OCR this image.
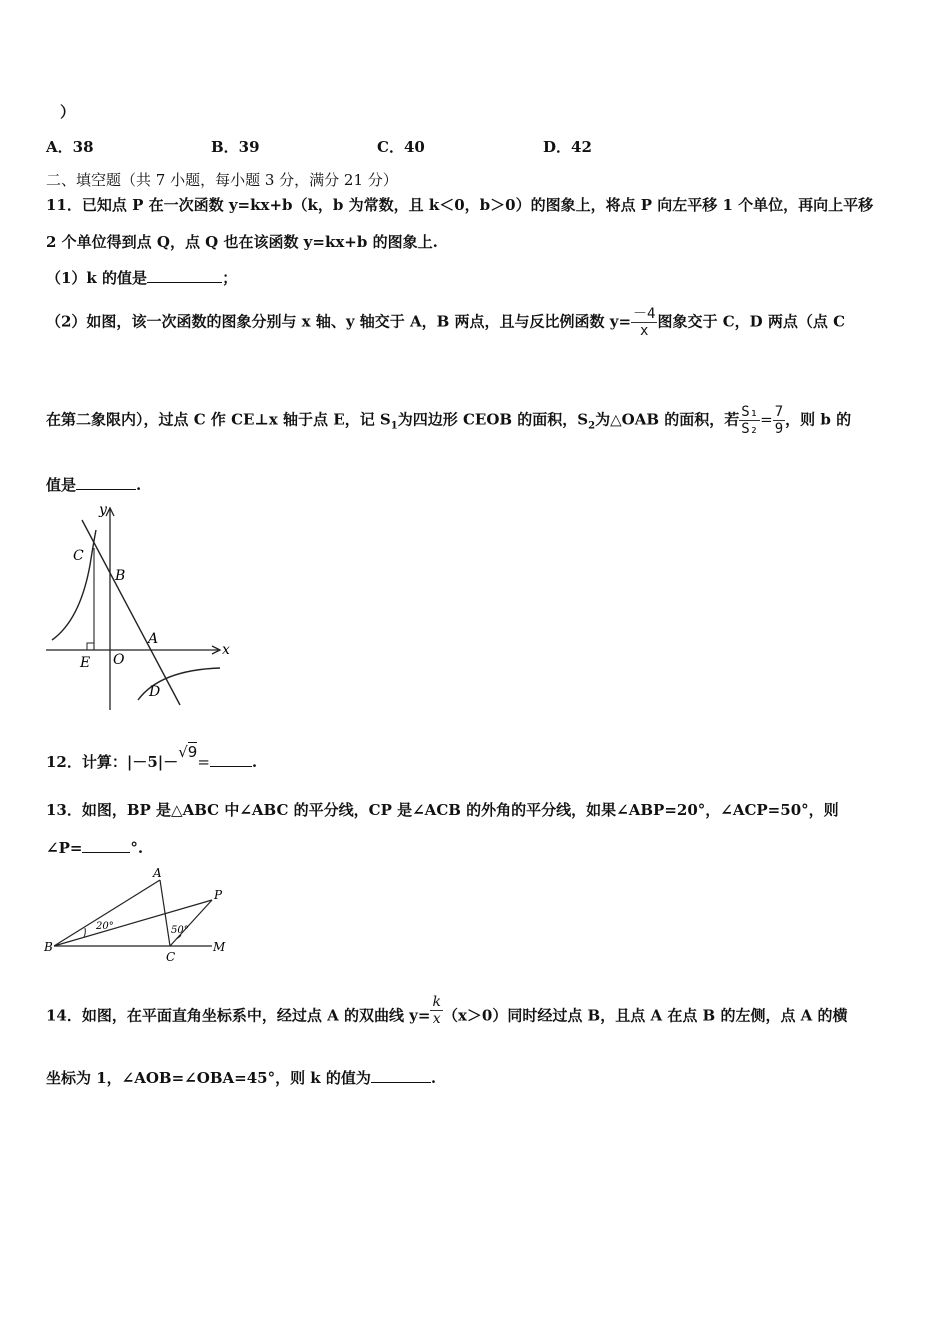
）
A．38	B．39	C．40	D．42
二、填空题（共 7 小题，每小题 3 分，满分 21 分）
11．已知点 P 在一次函数 y=kx+b（k，b 为常数，且 k＜0，b＞0）的图象上，将点 P 向左平移 1 个单位，再向上平移
2 个单位得到点 Q，点 Q 也在该函数 y=kx+b 的图象上.
（1）k 的值是	；
（2）如图，该一次函数的图象分别与 x 轴、y 轴交于 A，B 两点，且与反比例函数 $y= \frac{-4}{x}$ 图象交于 C，D 两点（点 C
在第二象限内），过点 C 作 CE⊥x 轴于点 E，记 $S_1$为四边形 CEOB 的面积，$S_2$为△OAB 的面积，若 $\frac{\text{S₁}}{\text{S₂}} = \frac{7}{9}$ ，则 b 的
值是	.
y
x
C
B
A
E O
D
12．计算：|－5|－√9=	.
13．如图，BP 是△ABC 中∠ABC 的平分线，CP 是∠ACB 的外角的平分线，如果∠ABP=20°，∠ACP=50°，则
∠P=	°.
A
P
B
C
M
20°	50°
14．如图，在平面直角坐标系中，经过点 A 的双曲线 $y= \frac{k}{x} (x>0)$同时经过点 B，且点 A 在点 B 的左侧，点 A 的横
坐标为 1，∠AOB=∠OBA=45°，则 k 的值为	.
